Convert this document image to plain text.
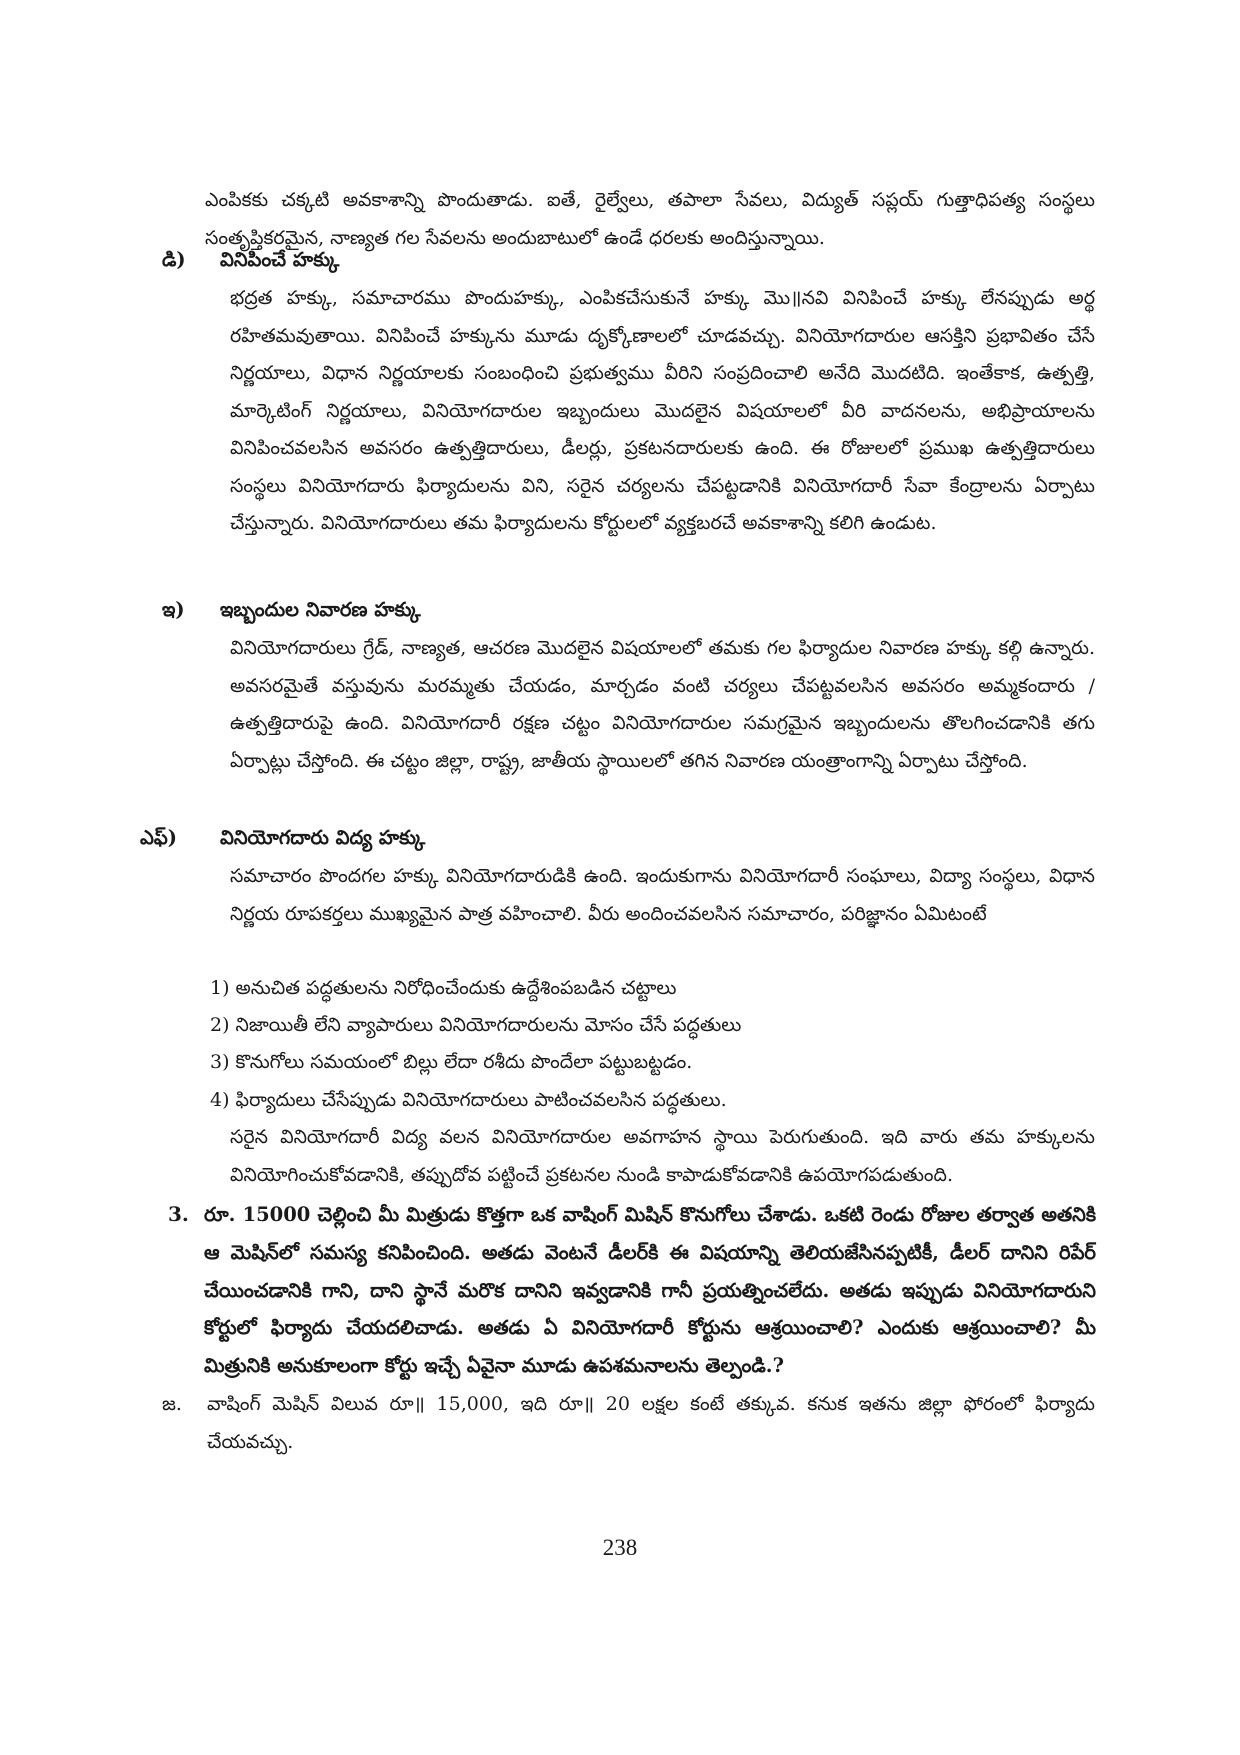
ఎంపికకు చక్కటి అవకాశాన్ని పొందుతాడు. ఐతే, రైల్వేలు, తపాలా సేవలు, విద్యుత్ సప్లయ్ గుత్తాధిపత్య సంస్థలు సంతృప్తికరమైన, నాణ్యత గల సేవలను అందుబాటులో ఉండే ధరలకు అందిస్తున్నాయి.
డి) వినిపించే హక్కు
భద్రత హక్కు, సమాచారము పొందుహక్కు, ఎంపికచేసుకునే హక్కు మొ॥నవి వినిపించే హక్కు లేనప్పుడు అర్థ రహితమవుతాయి. వినిపించే హక్కును మూడు దృక్కోణాలలో చూడవచ్చు. వినియోగదారుల ఆసక్తిని ప్రభావితం చేసే నిర్ణయాలు, విధాన నిర్ణయాలకు సంబంధించి ప్రభుత్వము వీరిని సంప్రదించాలి అనేది మొదటిది. ఇంతేకాక, ఉత్పత్తి, మార్కెటింగ్ నిర్ణయాలు, వినియోగదారుల ఇబ్బందులు మొదలైన విషయాలలో వీరి వాదనలను, అభిప్రాయాలను వినిపించవలసిన అవసరం ఉత్పత్తిదారులు, డీలర్లు, ప్రకటనదారులకు ఉంది. ఈ రోజులలో ప్రముఖ ఉత్పత్తిదారులు సంస్థలు వినియోగదారు ఫిర్యాదులను విని, సరైన చర్యలను చేపట్టడానికి వినియోగదారీ సేవా కేంద్రాలను ఏర్పాటు చేస్తున్నారు. వినియోగదారులు తమ ఫిర్యాదులను కోర్టులలో వ్యక్తబరచే అవకాశాన్ని కలిగి ఉండుట.
ఇ) ఇబ్బందుల నివారణ హక్కు
వినియోగదారులు గ్రేడ్, నాణ్యత, ఆచరణ మొదలైన విషయాలలో తమకు గల ఫిర్యాదుల నివారణ హక్కు కల్గి ఉన్నారు. అవసరమైతే వస్తువును మరమ్మతు చేయడం, మార్చడం వంటి చర్యలు చేపట్టవలసిన అవసరం అమ్మకందారు / ఉత్పత్తిదారుపై ఉంది. వినియోగదారీ రక్షణ చట్టం వినియోగదారుల సమగ్రమైన ఇబ్బందులను తొలగించడానికి తగు ఏర్పాట్లు చేస్తోంది. ఈ చట్టం జిల్లా, రాష్ట్ర, జాతీయ స్థాయిలలో తగిన నివారణ యంత్రాంగాన్ని ఏర్పాటు చేస్తోంది.
ఎఫ్) వినియోగదారు విద్య హక్కు
సమాచారం పొందగల హక్కు వినియోగదారుడికి ఉంది. ఇందుకుగాను వినియోగదారీ సంఘాలు, విద్యా సంస్థలు, విధాన నిర్ణయ రూపకర్తలు ముఖ్యమైన పాత్ర వహించాలి. వీరు అందించవలసిన సమాచారం, పరిజ్ఞానం ఏమిటంటే
1) అనుచిత పద్ధతులను నిరోధించేందుకు ఉద్దేశింపబడిన చట్టాలు
2) నిజాయితీ లేని వ్యాపారులు వినియోగదారులను మోసం చేసే పద్ధతులు
3) కొనుగోలు సమయంలో బిల్లు లేదా రశీదు పొందేలా పట్టుబట్టడం.
4) ఫిర్యాదులు చేసేప్పుడు వినియోగదారులు పాటించవలసిన పద్ధతులు.
సరైన వినియోగదారీ విద్య వలన వినియోగదారుల అవగాహన స్థాయి పెరుగుతుంది. ఇది వారు తమ హక్కులను వినియోగించుకోవడానికి, తప్పుదోవ పట్టించే ప్రకటనల నుండి కాపాడుకోవడానికి ఉపయోగపడుతుంది.
3. రూ. 15000 చెల్లించి మీ మిత్రుడు కొత్తగా ఒక వాషింగ్ మిషిన్ కొనుగోలు చేశాడు. ఒకటి రెండు రోజుల తర్వాత అతనికి ఆ మెషిన్‌లో సమస్య కనిపించింది. అతడు వెంటనే డీలర్‌కి ఈ విషయాన్ని తెలియజేసినప్పటికీ, డీలర్ దానిని రిపేర్ చేయించడానికి గాని, దాని స్థానే మరొక దానిని ఇవ్వడానికి గానీ ప్రయత్నించలేదు. అతడు ఇప్పుడు వినియోగదారుని కోర్టులో ఫిర్యాదు చేయదలిచాడు. అతడు ఏ వినియోగదారీ కోర్టును ఆశ్రయించాలి? ఎందుకు ఆశ్రయించాలి? మీ మిత్రునికి అనుకూలంగా కోర్టు ఇచ్చే ఏవైనా మూడు ఉపశమనాలను తెల్పండి.?
జ. వాషింగ్ మెషిన్ విలువ రూ॥ 15,000, ఇది రూ॥ 20 లక్షల కంటే తక్కువ. కనుక ఇతను జిల్లా ఫోరంలో ఫిర్యాదు చేయవచ్చు.
238
